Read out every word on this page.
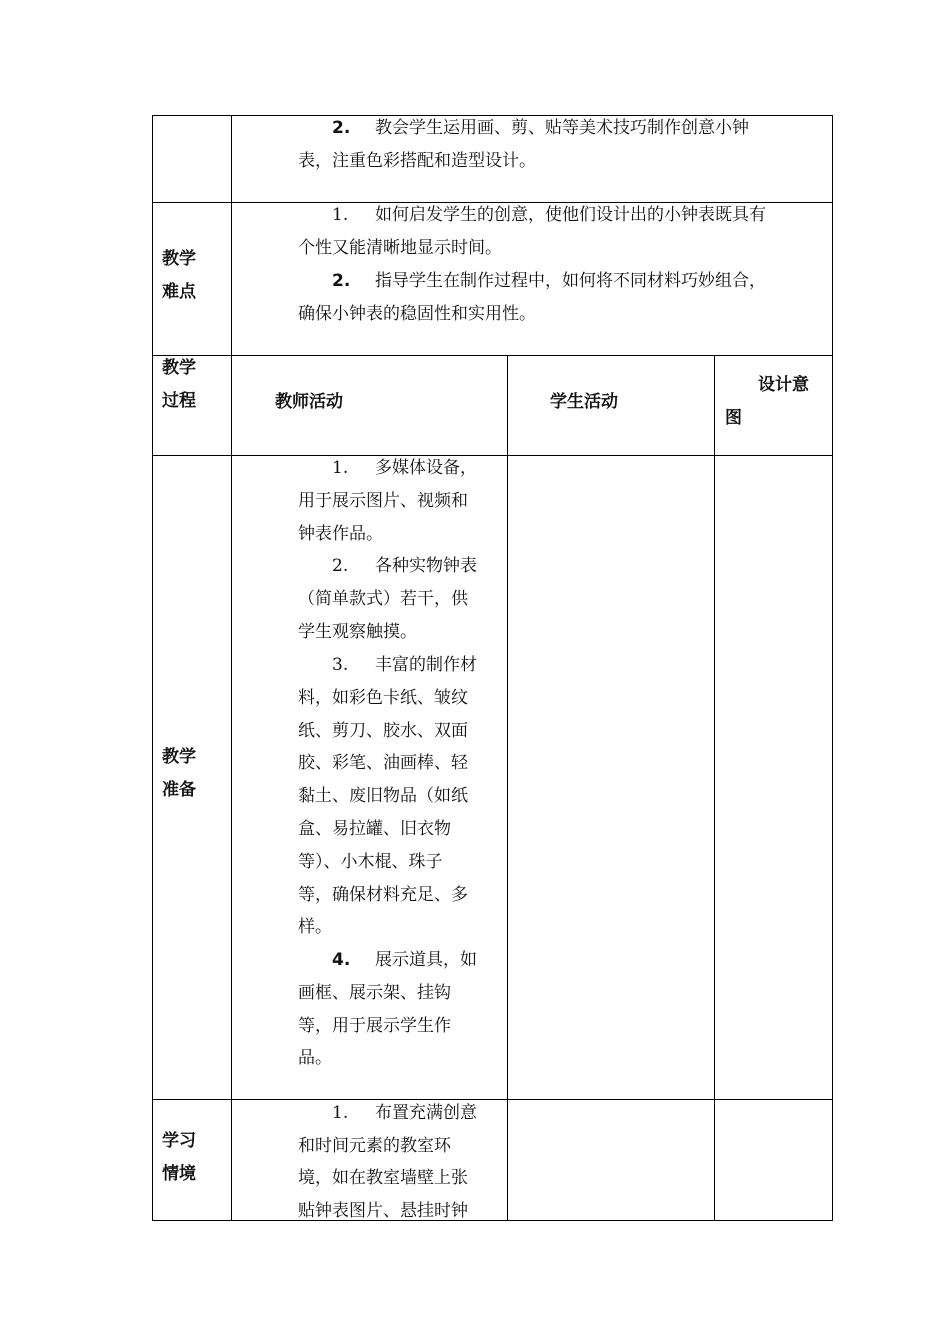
2. 教会学生运用画、剪、贴等美术技巧制作创意小钟
表，注重色彩搭配和造型设计。
教学
难点
1. 如何启发学生的创意，使他们设计出的小钟表既具有
个性又能清晰地显示时间。
2. 指导学生在制作过程中，如何将不同材料巧妙组合，
确保小钟表的稳固性和实用性。
教学
过程	教师活动	学生活动
设计意
图
教学
准备
1. 多媒体设备，
用于展示图片、视频和
钟表作品。
2. 各种实物钟表
（简单款式）若干，供
学生观察触摸。
3. 丰富的制作材
料，如彩色卡纸、皱纹
纸、剪刀、胶水、双面
胶、彩笔、油画棒、轻
黏土、废旧物品（如纸
盒、易拉罐、旧衣物
等）、小木棍、珠子
等，确保材料充足、多
样。
4. 展示道具，如
画框、展示架、挂钩
等，用于展示学生作
品。
学习
情境
1. 布置充满创意
和时间元素的教室环
境，如在教室墙壁上张
贴钟表图片、悬挂时钟
